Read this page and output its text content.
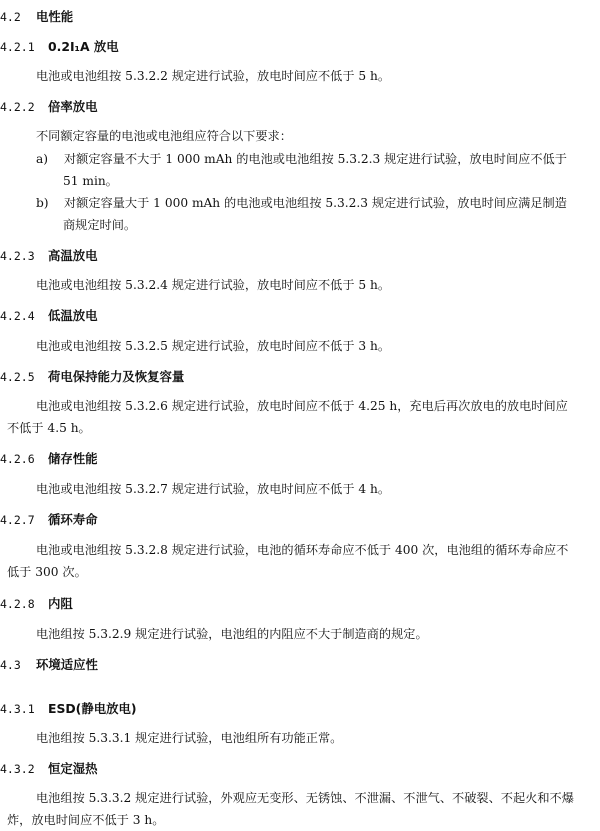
4.2 电性能
4.2.1 0.2I₁A 放电
电池或电池组按 5.3.2.2 规定进行试验，放电时间应不低于 5 h。
4.2.2 倍率放电
不同额定容量的电池或电池组应符合以下要求：
a) 对额定容量不大于 1 000 mAh 的电池或电池组按 5.3.2.3 规定进行试验，放电时间应不低于
51 min。
b) 对额定容量大于 1 000 mAh 的电池或电池组按 5.3.2.3 规定进行试验，放电时间应满足制造
商规定时间。
4.2.3 高温放电
电池或电池组按 5.3.2.4 规定进行试验，放电时间应不低于 5 h。
4.2.4 低温放电
电池或电池组按 5.3.2.5 规定进行试验，放电时间应不低于 3 h。
4.2.5 荷电保持能力及恢复容量
电池或电池组按 5.3.2.6 规定进行试验，放电时间应不低于 4.25 h，充电后再次放电的放电时间应
不低于 4.5 h。
4.2.6 储存性能
电池或电池组按 5.3.2.7 规定进行试验，放电时间应不低于 4 h。
4.2.7 循环寿命
电池或电池组按 5.3.2.8 规定进行试验，电池的循环寿命应不低于 400 次，电池组的循环寿命应不
低于 300 次。
4.2.8 内阻
电池组按 5.3.2.9 规定进行试验，电池组的内阻应不大于制造商的规定。
4.3 环境适应性
4.3.1 ESD(静电放电)
电池组按 5.3.3.1 规定进行试验，电池组所有功能正常。
4.3.2 恒定湿热
电池组按 5.3.3.2 规定进行试验，外观应无变形、无锈蚀、不泄漏、不泄气、不破裂、不起火和不爆
炸，放电时间应不低于 3 h。
